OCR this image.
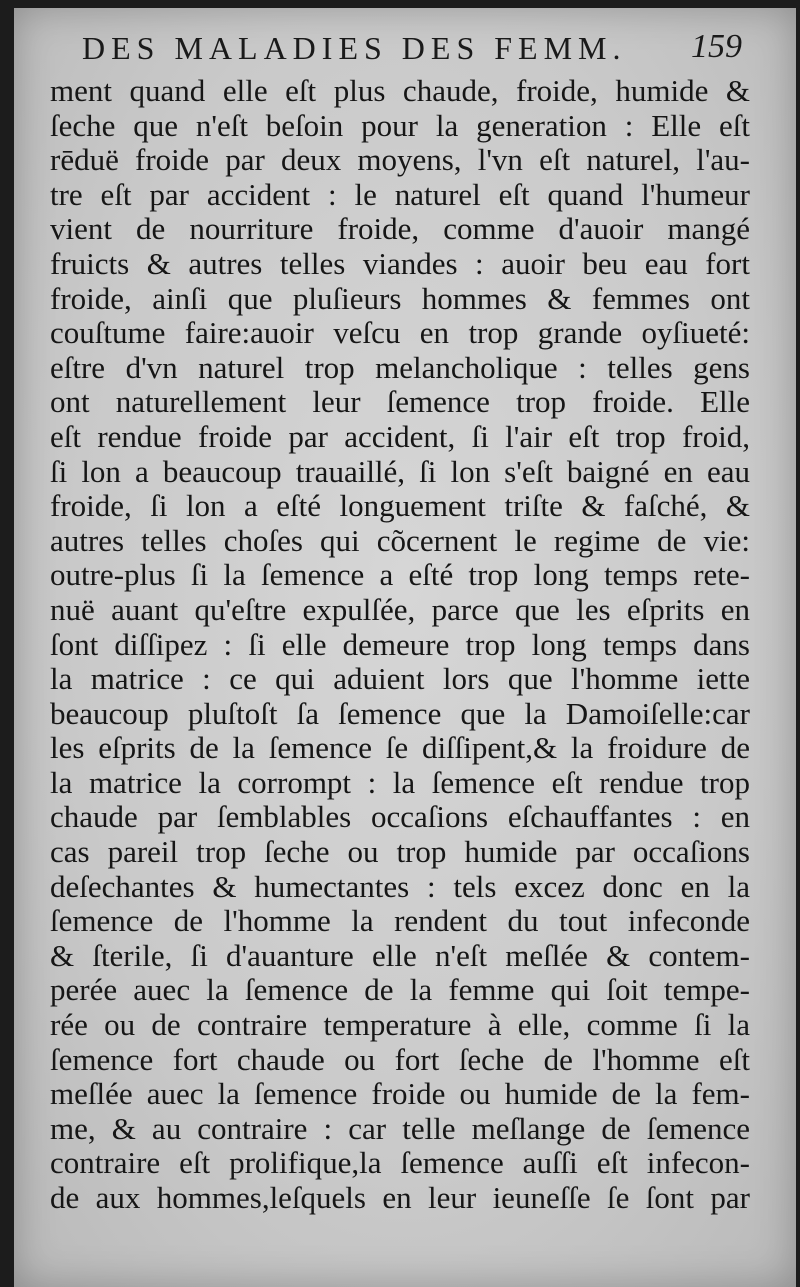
DES MALADIES DES FEMM. 159
ment quand elle eſt plus chaude, froide, humide &
ſeche que n'eſt beſoin pour la generation : Elle eſt
rēduë froide par deux moyens, l'vn eſt naturel, l'au-
tre eſt par accident : le naturel eſt quand l'humeur
vient de nourriture froide, comme d'auoir mangé
fruicts & autres telles viandes : auoir beu eau fort
froide, ainſi que pluſieurs hommes & femmes ont
couſtume faire:auoir veſcu en trop grande oyſiueté:
eſtre d'vn naturel trop melancholique : telles gens
ont naturellement leur ſemence trop froide. Elle
eſt rendue froide par accident, ſi l'air eſt trop froid,
ſi lon a beaucoup trauaillé, ſi lon s'eſt baigné en eau
froide, ſi lon a eſté longuement triſte & faſché, &
autres telles choſes qui cõcernent le regime de vie:
outre-plus ſi la ſemence a eſté trop long temps rete-
nuë auant qu'eſtre expulſée, parce que les eſprits en
ſont diſſipez : ſi elle demeure trop long temps dans
la matrice : ce qui aduient lors que l'homme iette
beaucoup pluſtoſt ſa ſemence que la Damoiſelle:car
les eſprits de la ſemence ſe diſſipent,& la froidure de
la matrice la corrompt : la ſemence eſt rendue trop
chaude par ſemblables occaſions eſchauffantes : en
cas pareil trop ſeche ou trop humide par occaſions
deſechantes & humectantes : tels excez donc en la
ſemence de l'homme la rendent du tout infeconde
& ſterile, ſi d'auanture elle n'eſt meſlée & contem-
perée auec la ſemence de la femme qui ſoit tempe-
rée ou de contraire temperature à elle, comme ſi la
ſemence fort chaude ou fort ſeche de l'homme eſt
meſlée auec la ſemence froide ou humide de la fem-
me, & au contraire : car telle meſlange de ſemence
contraire eſt prolifique,la ſemence auſſi eſt infecon-
de aux hommes,leſquels en leur ieuneſſe ſe ſont par
